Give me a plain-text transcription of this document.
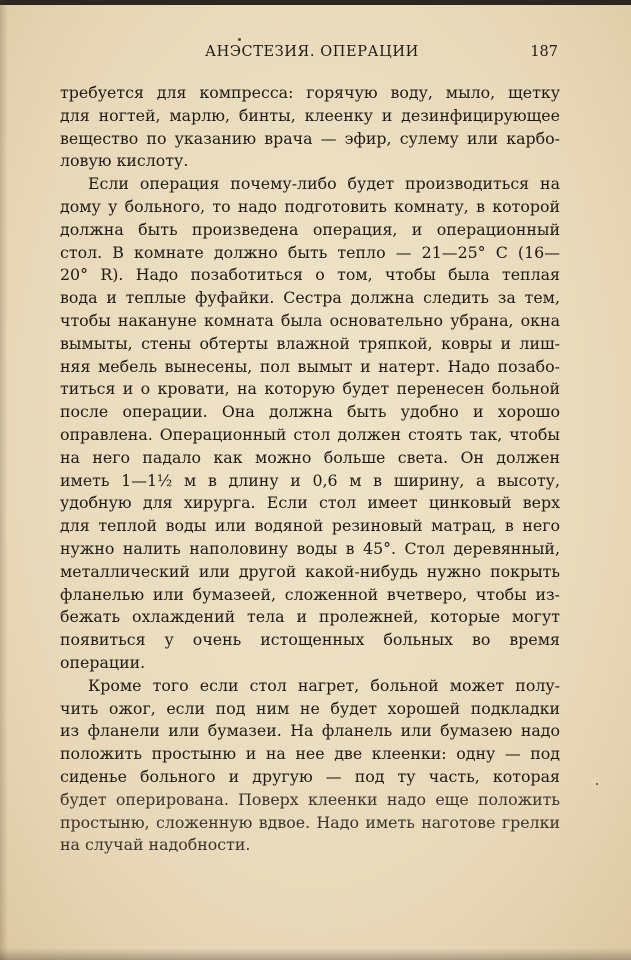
АНЭСТЕЗИЯ. ОПЕРАЦИИ	187
требуется для компресса: горячую воду, мыло, щетку
для ногтей, марлю, бинты, клеенку и дезинфицирующее
вещество по указанию врача — эфир, сулему или карбо-
ловую кислоту.
Если операция почему-либо будет производиться на
дому у больного, то надо подготовить комнату, в которой
должна быть произведена операция, и операционный
стол. В комнате должно быть тепло — 21—25° С (16—
20° R). Надо позаботиться о том, чтобы была теплая
вода и теплые фуфайки. Сестра должна следить за тем,
чтобы накануне комната была основательно убрана, окна
вымыты, стены обтерты влажной тряпкой, ковры и лиш-
няя мебель вынесены, пол вымыт и натерт. Надо позабо-
титься и о кровати, на которую будет перенесен больной
после операции. Она должна быть удобно и хорошо
оправлена. Операционный стол должен стоять так, чтобы
на него падало как можно больше света. Он должен
иметь 1—1½ м в длину и 0,6 м в ширину, а высоту,
удобную для хирурга. Если стол имеет цинковый верх
для теплой воды или водяной резиновый матрац, в него
нужно налить наполовину воды в 45°. Стол деревянный,
металлический или другой какой-нибудь нужно покрыть
фланелью или бумазеей, сложенной вчетверо, чтобы из-
бежать охлаждений тела и пролежней, которые могут
появиться у очень истощенных больных во время
операции.
Кроме того если стол нагрет, больной может полу-
чить ожог, если под ним не будет хорошей подкладки
из фланели или бумазеи. На фланель или бумазею надо
положить простыню и на нее две клеенки: одну — под
сиденье больного и другую — под ту часть, которая
будет оперирована. Поверх клеенки надо еще положить
простыню, сложенную вдвое. Надо иметь наготове грелки
на случай надобности.
